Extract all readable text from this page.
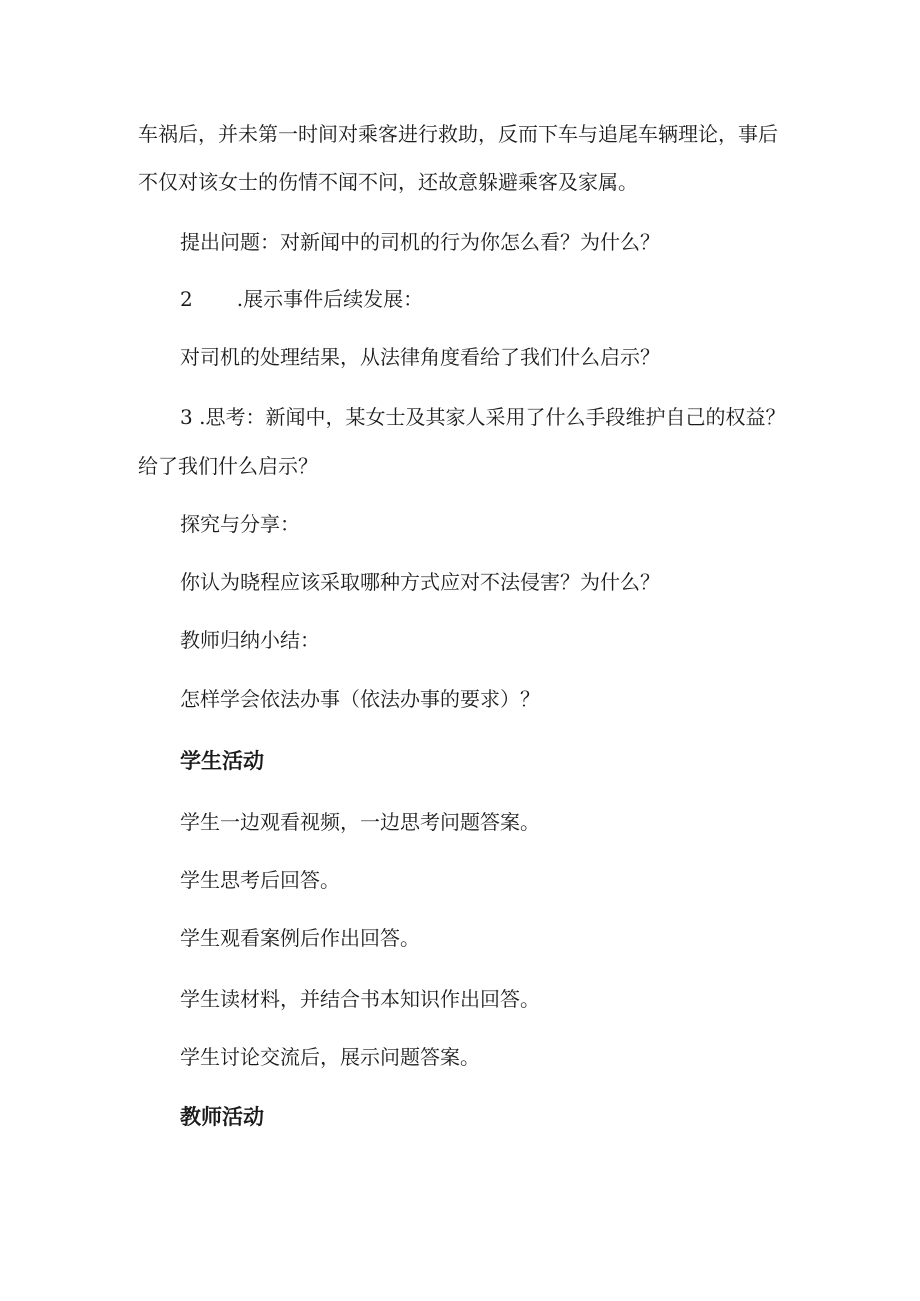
车祸后，并未第一时间对乘客进行救助，反而下车与追尾车辆理论，事后
不仅对该女士的伤情不闻不问，还故意躲避乘客及家属。
提出问题：对新闻中的司机的行为你怎么看？为什么？
2 .展示事件后续发展：
对司机的处理结果，从法律角度看给了我们什么启示？
3 .思考：新闻中，某女士及其家人采用了什么手段维护自己的权益？
给了我们什么启示？
探究与分享：
你认为晓程应该采取哪种方式应对不法侵害？为什么？
教师归纳小结：
怎样学会依法办事（依法办事的要求）？
学生活动
学生一边观看视频，一边思考问题答案。
学生思考后回答。
学生观看案例后作出回答。
学生读材料，并结合书本知识作出回答。
学生讨论交流后，展示问题答案。
教师活动
